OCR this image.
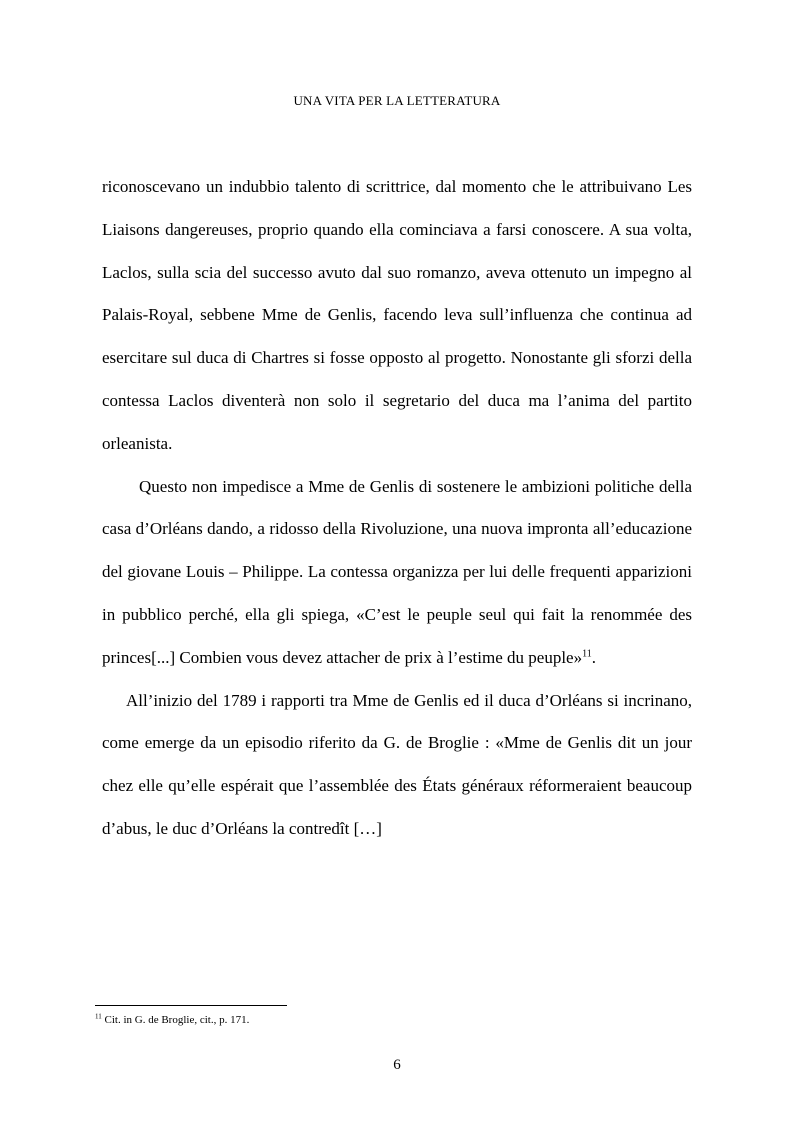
UNA VITA PER LA LETTERATURA

riconoscevano un indubbio talento di scrittrice, dal momento che le attribuivano Les Liaisons dangereuses, proprio quando ella cominciava a farsi conoscere. A sua volta, Laclos, sulla scia del successo avuto dal suo romanzo, aveva ottenuto un impegno al Palais-Royal, sebbene Mme de Genlis, facendo leva sull’influenza che continua ad esercitare sul duca di Chartres si fosse opposto al progetto. Nonostante gli sforzi della contessa Laclos diventerà non solo il segretario del duca ma l’anima del partito orleanista.

Questo non impedisce a Mme de Genlis di sostenere le ambizioni politiche della casa d’Orléans dando, a ridosso della Rivoluzione, una nuova impronta all’educazione del giovane Louis – Philippe. La contessa organizza per lui delle frequenti apparizioni in pubblico perché, ella gli spiega, «C’est le peuple seul qui fait la renommée des princes[...] Combien vous devez attacher de prix à l’estime du peuple»$^{11}$.

All’inizio del 1789 i rapporti tra Mme de Genlis ed il duca d’Orléans si incrinano, come emerge da un episodio riferito da G. de Broglie : «Mme de Genlis dit un jour chez elle qu’elle espérait que l’assemblée des États généraux réformeraient beaucoup d’abus, le duc d’Orléans la contredît […]

$^{11}$ Cit. in G. de Broglie, cit., p. 171.
6
